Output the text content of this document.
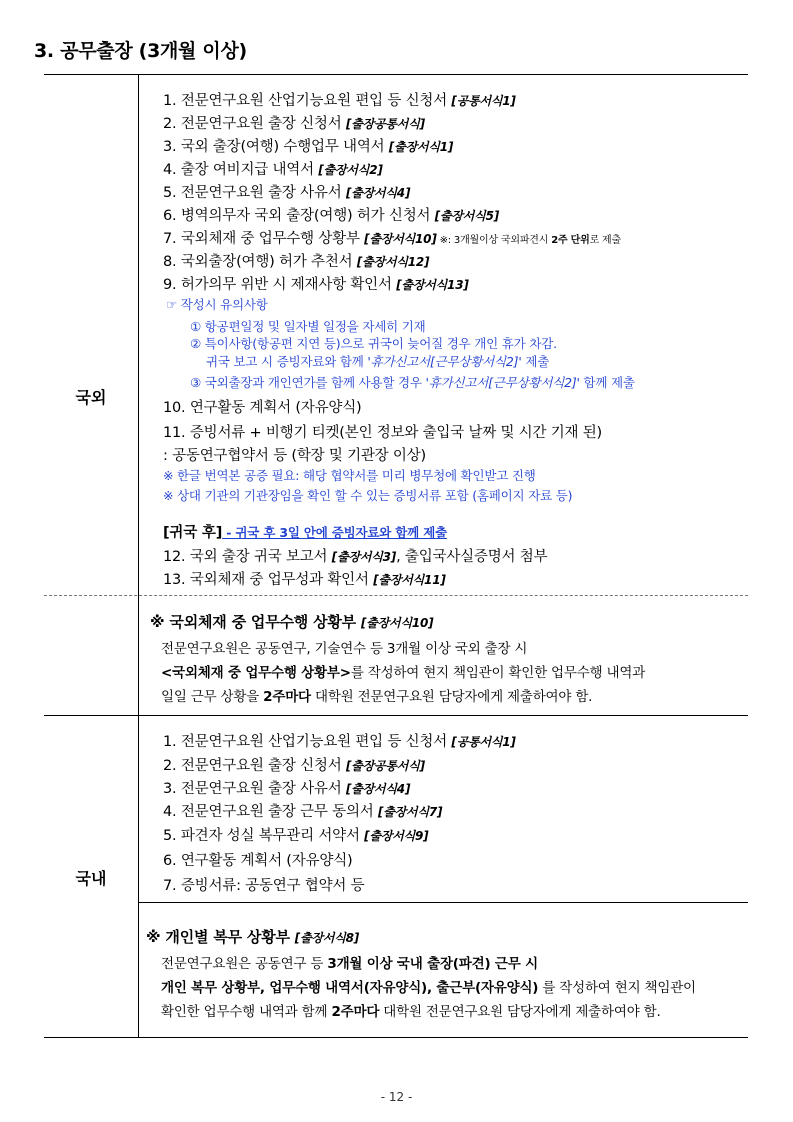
3. 공무출장 (3개월 이상)
국외
국내
1. 전문연구요원 산업기능요원 편입 등 신청서 [공통서식1]
2. 전문연구요원 출장 신청서 [출장공통서식]
3. 국외 출장(여행) 수행업무 내역서 [출장서식1]
4. 출장 여비지급 내역서 [출장서식2]
5. 전문연구요원 출장 사유서 [출장서식4]
6. 병역의무자 국외 출장(여행) 허가 신청서 [출장서식5]
7. 국외체재 중 업무수행 상황부 [출장서식10] ※: 3개월이상 국외파견시 2주 단위로 제출
8. 국외출장(여행) 허가 추천서 [출장서식12]
9. 허가의무 위반 시 제재사항 확인서 [출장서식13]
☞ 작성시 유의사항
① 항공편일정 및 일자별 일정을 자세히 기재
② 특이사항(항공편 지연 등)으로 귀국이 늦어질 경우 개인 휴가 차감.
귀국 보고 시 증빙자료와 함께 '휴가신고서[근무상황서식2]' 제출
③ 국외출장과 개인연가를 함께 사용할 경우 '휴가신고서[근무상황서식2]' 함께 제출
10. 연구활동 계획서 (자유양식)
11. 증빙서류 + 비행기 티켓(본인 정보와 출입국 날짜 및 시간 기재 된)
: 공동연구협약서 등 (학장 및 기관장 이상)
※ 한글 번역본 공증 필요: 해당 협약서를 미리 병무청에 확인받고 진행
※ 상대 기관의 기관장임을 확인 할 수 있는 증빙서류 포함 (홈페이지 자료 등)
[귀국 후] - 귀국 후 3일 안에 증빙자료와 함께 제출
12. 국외 출장 귀국 보고서 [출장서식3], 출입국사실증명서 첨부
13. 국외체재 중 업무성과 확인서 [출장서식11]
※ 국외체재 중 업무수행 상황부 [출장서식10]
전문연구요원은 공동연구, 기술연수 등 3개월 이상 국외 출장 시
<국외체재 중 업무수행 상황부>를 작성하여 현지 책임관이 확인한 업무수행 내역과
일일 근무 상황을 2주마다 대학원 전문연구요원 담당자에게 제출하여야 함.
1. 전문연구요원 산업기능요원 편입 등 신청서 [공통서식1]
2. 전문연구요원 출장 신청서 [출장공통서식]
3. 전문연구요원 출장 사유서 [출장서식4]
4. 전문연구요원 출장 근무 동의서 [출장서식7]
5. 파견자 성실 복무관리 서약서 [출장서식9]
6. 연구활동 계획서 (자유양식)
7. 증빙서류: 공동연구 협약서 등
※ 개인별 복무 상황부 [출장서식8]
전문연구요원은 공동연구 등 3개월 이상 국내 출장(파견) 근무 시
개인 복무 상황부, 업무수행 내역서(자유양식), 출근부(자유양식) 를 작성하여 현지 책임관이
확인한 업무수행 내역과 함께 2주마다 대학원 전문연구요원 담당자에게 제출하여야 함.
- 12 -
